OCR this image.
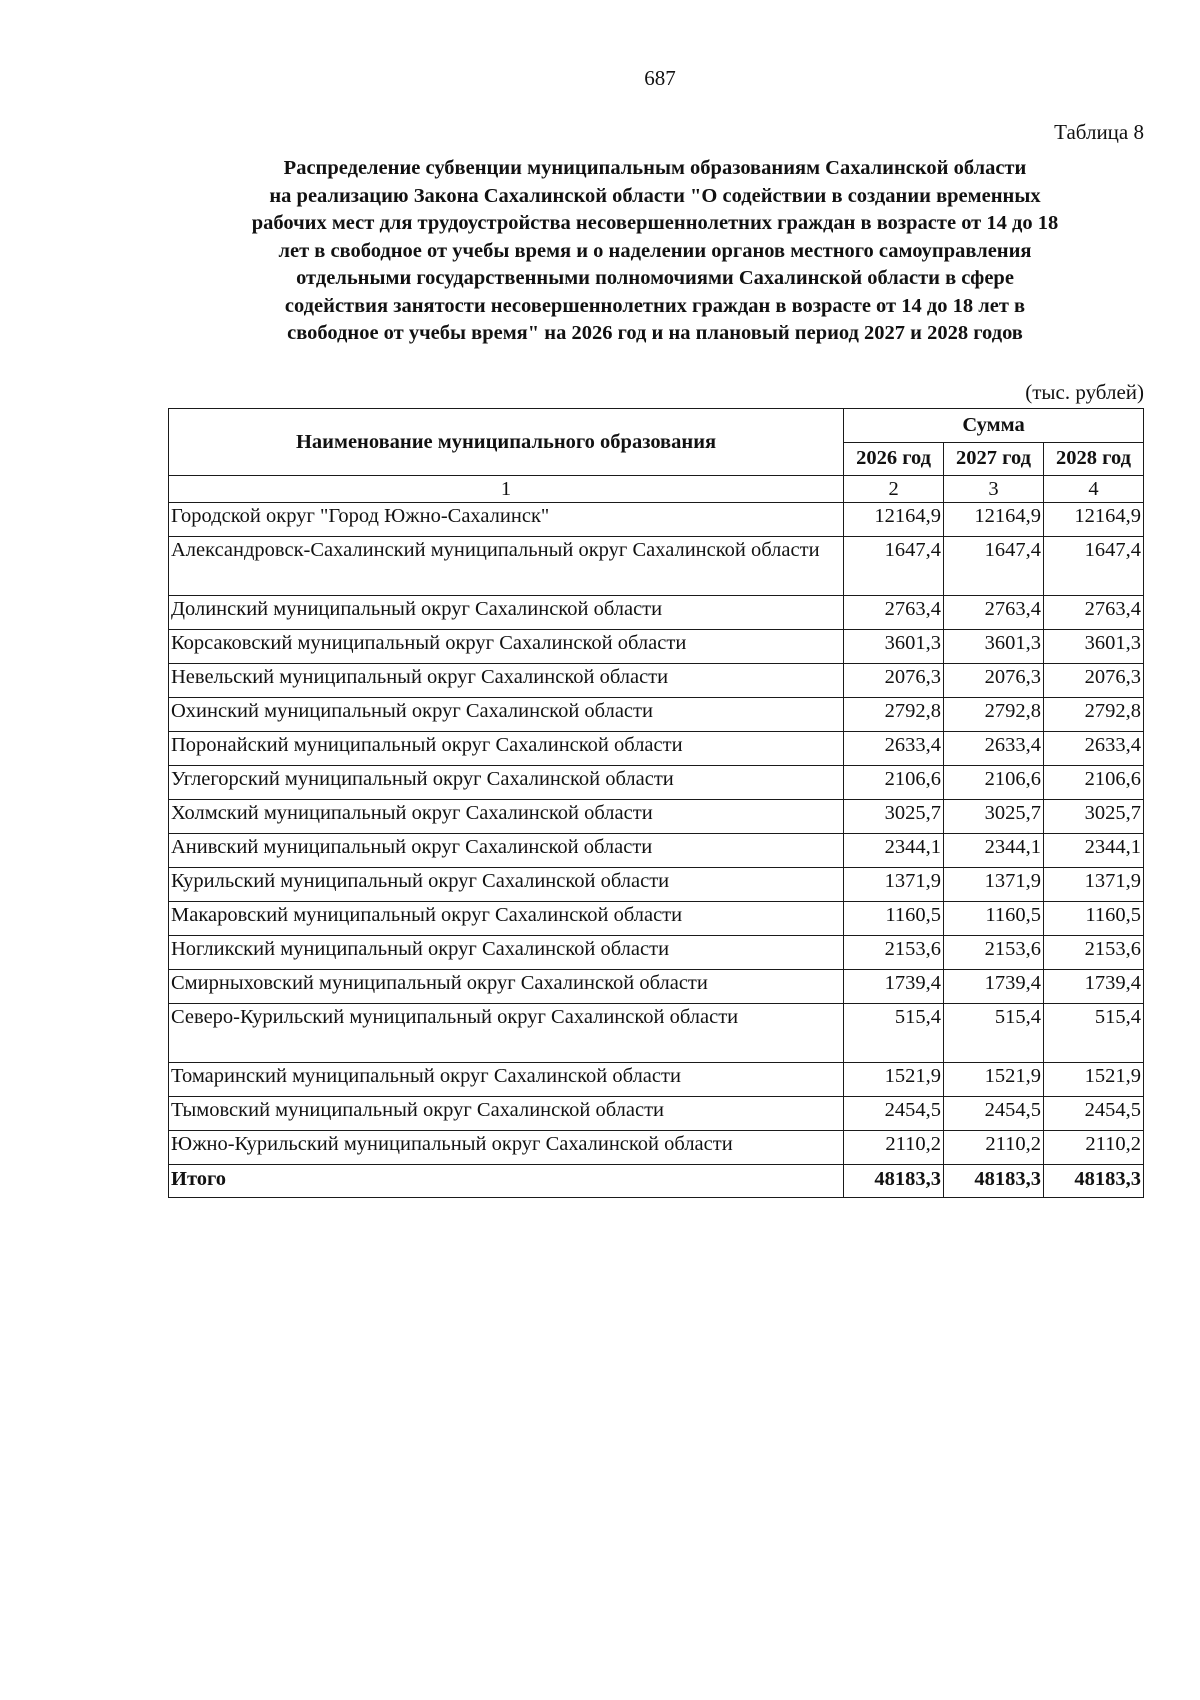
687
Таблица 8
Распределение субвенции муниципальным образованиям Сахалинской области
на реализацию Закона Сахалинской области "О содействии в создании временных
рабочих мест для трудоустройства несовершеннолетних граждан в возрасте от 14 до 18
лет в свободное от учебы время и о наделении органов местного самоуправления
отдельными государственными полномочиями Сахалинской области в сфере
содействия занятости несовершеннолетних граждан в возрасте от 14 до 18 лет в
свободное от учебы время" на 2026 год и на плановый период 2027 и 2028 годов
(тыс. рублей)
Наименование муниципального образования	Сумма		
	2026 год	2027 год	2028 год
1	2	3	4
Городской округ "Город Южно-Сахалинск"	12164,9	12164,9	12164,9
Александровск-Сахалинский муниципальный округ Сахалинской области	1647,4	1647,4	1647,4
Долинский муниципальный округ Сахалинской области	2763,4	2763,4	2763,4
Корсаковский муниципальный округ Сахалинской области	3601,3	3601,3	3601,3
Невельский муниципальный округ Сахалинской области	2076,3	2076,3	2076,3
Охинский муниципальный округ Сахалинской области	2792,8	2792,8	2792,8
Поронайский муниципальный округ Сахалинской области	2633,4	2633,4	2633,4
Углегорский муниципальный округ Сахалинской области	2106,6	2106,6	2106,6
Холмский муниципальный округ Сахалинской области	3025,7	3025,7	3025,7
Анивский муниципальный округ Сахалинской области	2344,1	2344,1	2344,1
Курильский муниципальный округ Сахалинской области	1371,9	1371,9	1371,9
Макаровский муниципальный округ Сахалинской области	1160,5	1160,5	1160,5
Ногликский муниципальный округ Сахалинской области	2153,6	2153,6	2153,6
Смирныховский муниципальный округ Сахалинской области	1739,4	1739,4	1739,4
Северо-Курильский муниципальный округ Сахалинской области	515,4	515,4	515,4
Томаринский муниципальный округ Сахалинской области	1521,9	1521,9	1521,9
Тымовский муниципальный округ Сахалинской области	2454,5	2454,5	2454,5
Южно-Курильский муниципальный округ Сахалинской области	2110,2	2110,2	2110,2
Итого	48183,3	48183,3	48183,3
